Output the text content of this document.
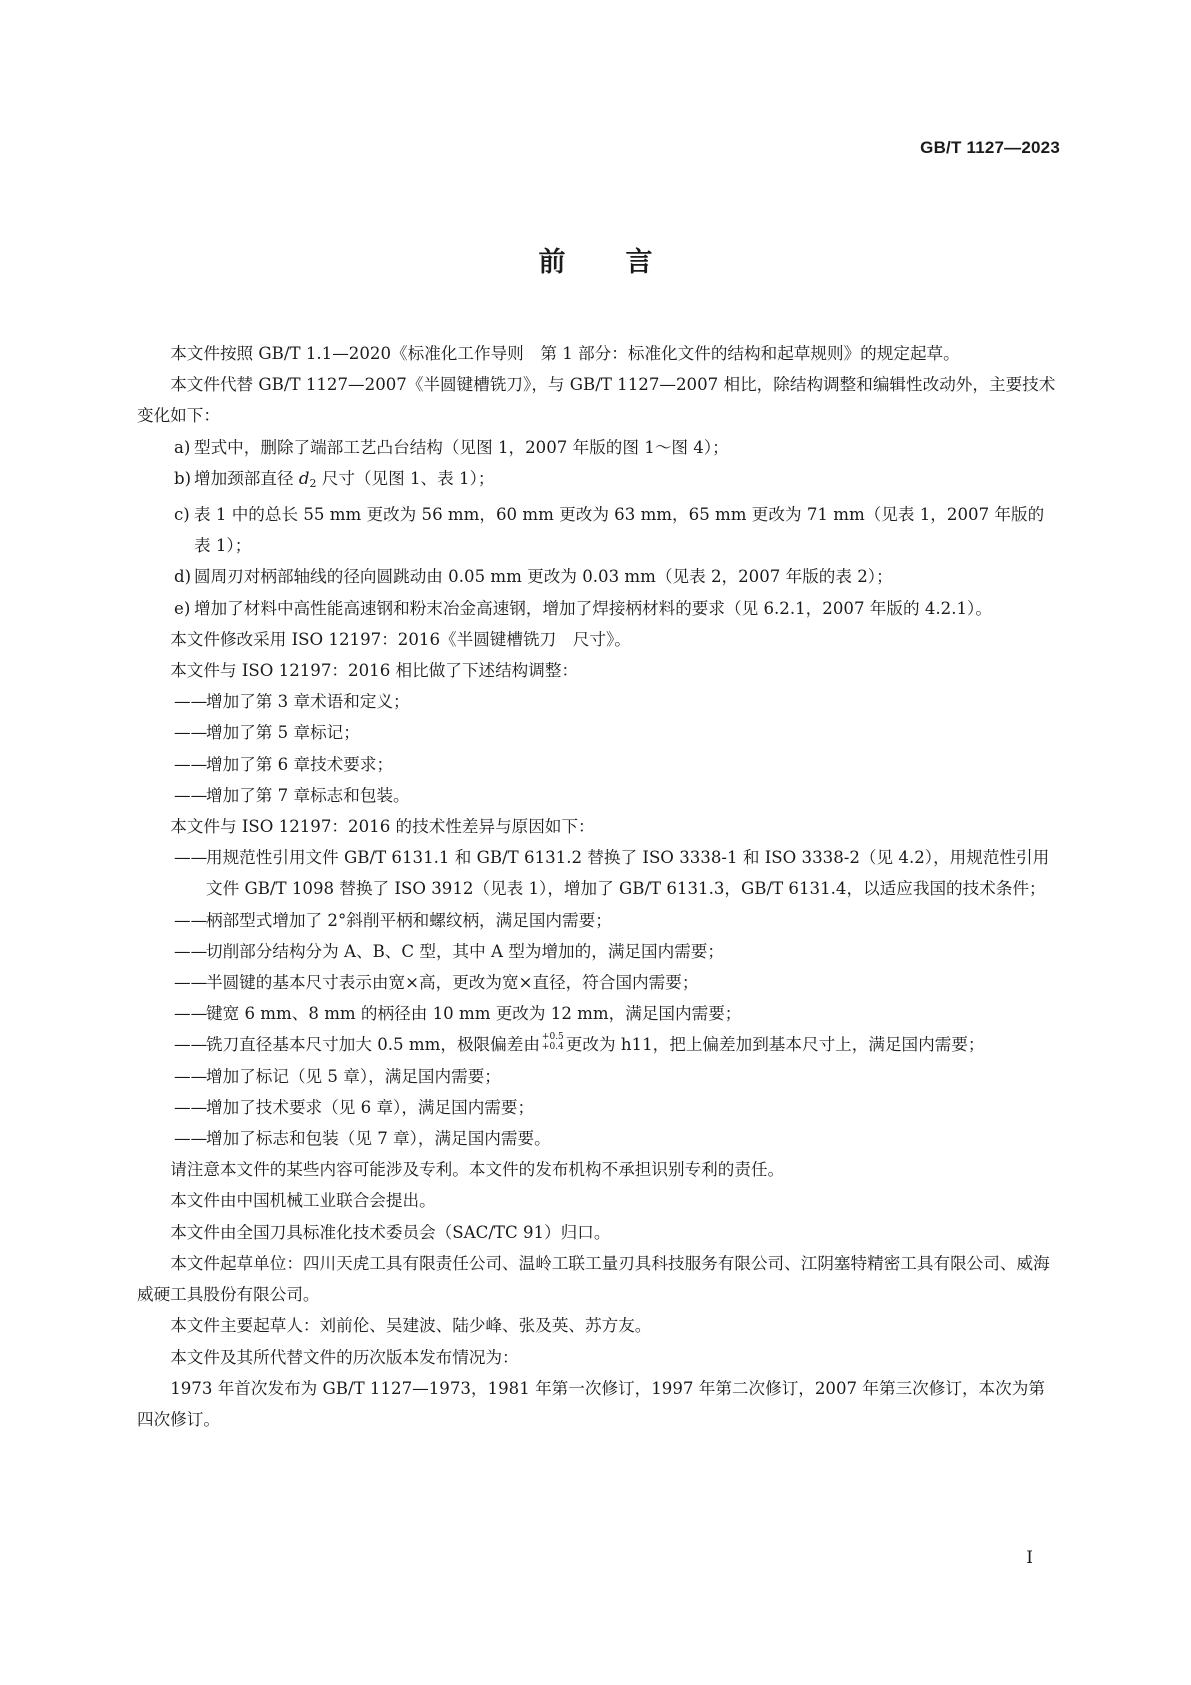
GB/T 1127—2023
前言

本文件按照 GB/T 1.1—2020《标准化工作导则　第 1 部分：标准化文件的结构和起草规则》的规定起草。

本文件代替 GB/T 1127—2007《半圆键槽铣刀》，与 GB/T 1127—2007 相比，除结构调整和编辑性改动外，主要技术变化如下：

a) 型式中，删除了端部工艺凸台结构（见图 1，2007 年版的图 1～图 4）；

b) 增加颈部直径 $d_2$ 尺寸（见图 1、表 1）；

c) 表 1 中的总长 55 mm 更改为 56 mm，60 mm 更改为 63 mm，65 mm 更改为 71 mm（见表 1，2007 年版的表 1）；

d) 圆周刃对柄部轴线的径向圆跳动由 0.05 mm 更改为 0.03 mm（见表 2，2007 年版的表 2）；

e) 增加了材料中高性能高速钢和粉末冶金高速钢，增加了焊接柄材料的要求（见 6.2.1，2007 年版的 4.2.1）。

本文件修改采用 ISO 12197：2016《半圆键槽铣刀　尺寸》。

本文件与 ISO 12197：2016 相比做了下述结构调整：

——
增加了第 3 章术语和定义；

——
增加了第 5 章标记；

——
增加了第 6 章技术要求；

——
增加了第 7 章标志和包装。

本文件与 ISO 12197：2016 的技术性差异与原因如下：

——
用规范性引用文件 GB/T 6131.1 和 GB/T 6131.2 替换了 ISO 3338-1 和 ISO 3338-2（见 4.2），用规范性引用文件 GB/T 1098 替换了 ISO 3912（见表 1），增加了 GB/T 6131.3，GB/T 6131.4，以适应我国的技术条件；

——
柄部型式增加了 2°斜削平柄和螺纹柄，满足国内需要；

——
切削部分结构分为 A、B、C 型，其中 A 型为增加的，满足国内需要；

——
半圆键的基本尺寸表示由宽×高，更改为宽×直径，符合国内需要；

——
键宽 6 mm、8 mm 的柄径由 10 mm 更改为 12 mm，满足国内需要；

——
铣刀直径基本尺寸加大 0.5 mm，极限偏差由 +0.5
+0.4 更改为 h11，把上偏差加到基本尺寸上，满足国内需要；

——
增加了标记（见 5 章），满足国内需要；

——
增加了技术要求（见 6 章），满足国内需要；

——
增加了标志和包装（见 7 章），满足国内需要。

请注意本文件的某些内容可能涉及专利。本文件的发布机构不承担识别专利的责任。

本文件由中国机械工业联合会提出。

本文件由全国刀具标准化技术委员会（SAC/TC 91）归口。

本文件起草单位：四川天虎工具有限责任公司、温岭工联工量刃具科技服务有限公司、江阴塞特精密工具有限公司、威海威硬工具股份有限公司。

本文件主要起草人：刘前伦、吴建波、陆少峰、张及英、苏方友。

本文件及其所代替文件的历次版本发布情况为：

1973 年首次发布为 GB/T 1127—1973，1981 年第一次修订，1997 年第二次修订，2007 年第三次修订，本次为第四次修订。

I
